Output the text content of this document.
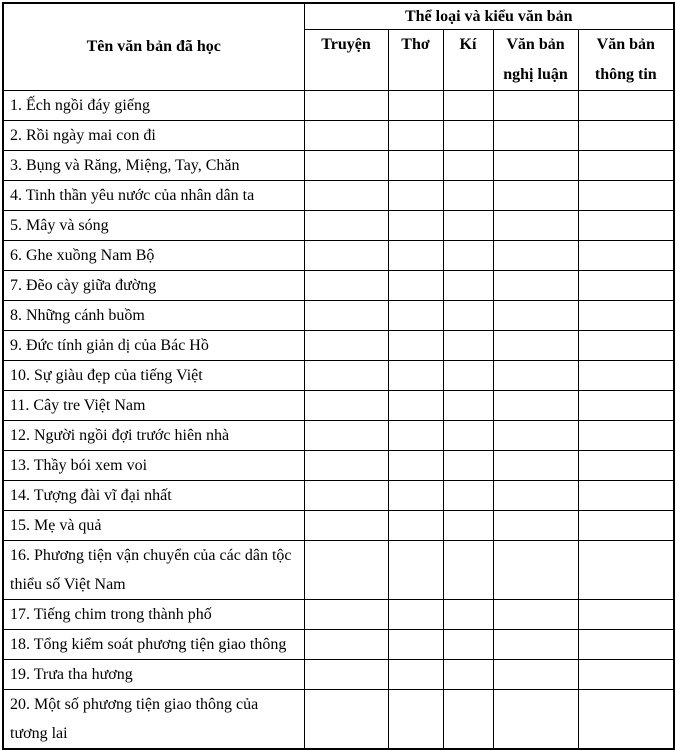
Tên văn bản đã học	Thể loại và kiểu văn bản				
	Truyện	Thơ	Kí	Văn bản nghị luận	Văn bản thông tin
1. Ếch ngồi đáy giếng					
2. Rồi ngày mai con đi					
3. Bụng và Răng, Miệng, Tay, Chăn					
4. Tinh thần yêu nước của nhân dân ta					
5. Mây và sóng					
6. Ghe xuồng Nam Bộ					
7. Đẽo cày giữa đường					
8. Những cánh buồm					
9. Đức tính giản dị của Bác Hồ					
10. Sự giàu đẹp của tiếng Việt					
11. Cây tre Việt Nam					
12. Người ngồi đợi trước hiên nhà					
13. Thầy bói xem voi					
14. Tượng đài vĩ đại nhất					
15. Mẹ và quả					
16. Phương tiện vận chuyển của các dân tộc thiểu số Việt Nam					
17. Tiếng chim trong thành phố					
18. Tổng kiểm soát phương tiện giao thông					
19. Trưa tha hương					
20. Một số phương tiện giao thông của tương lai					
